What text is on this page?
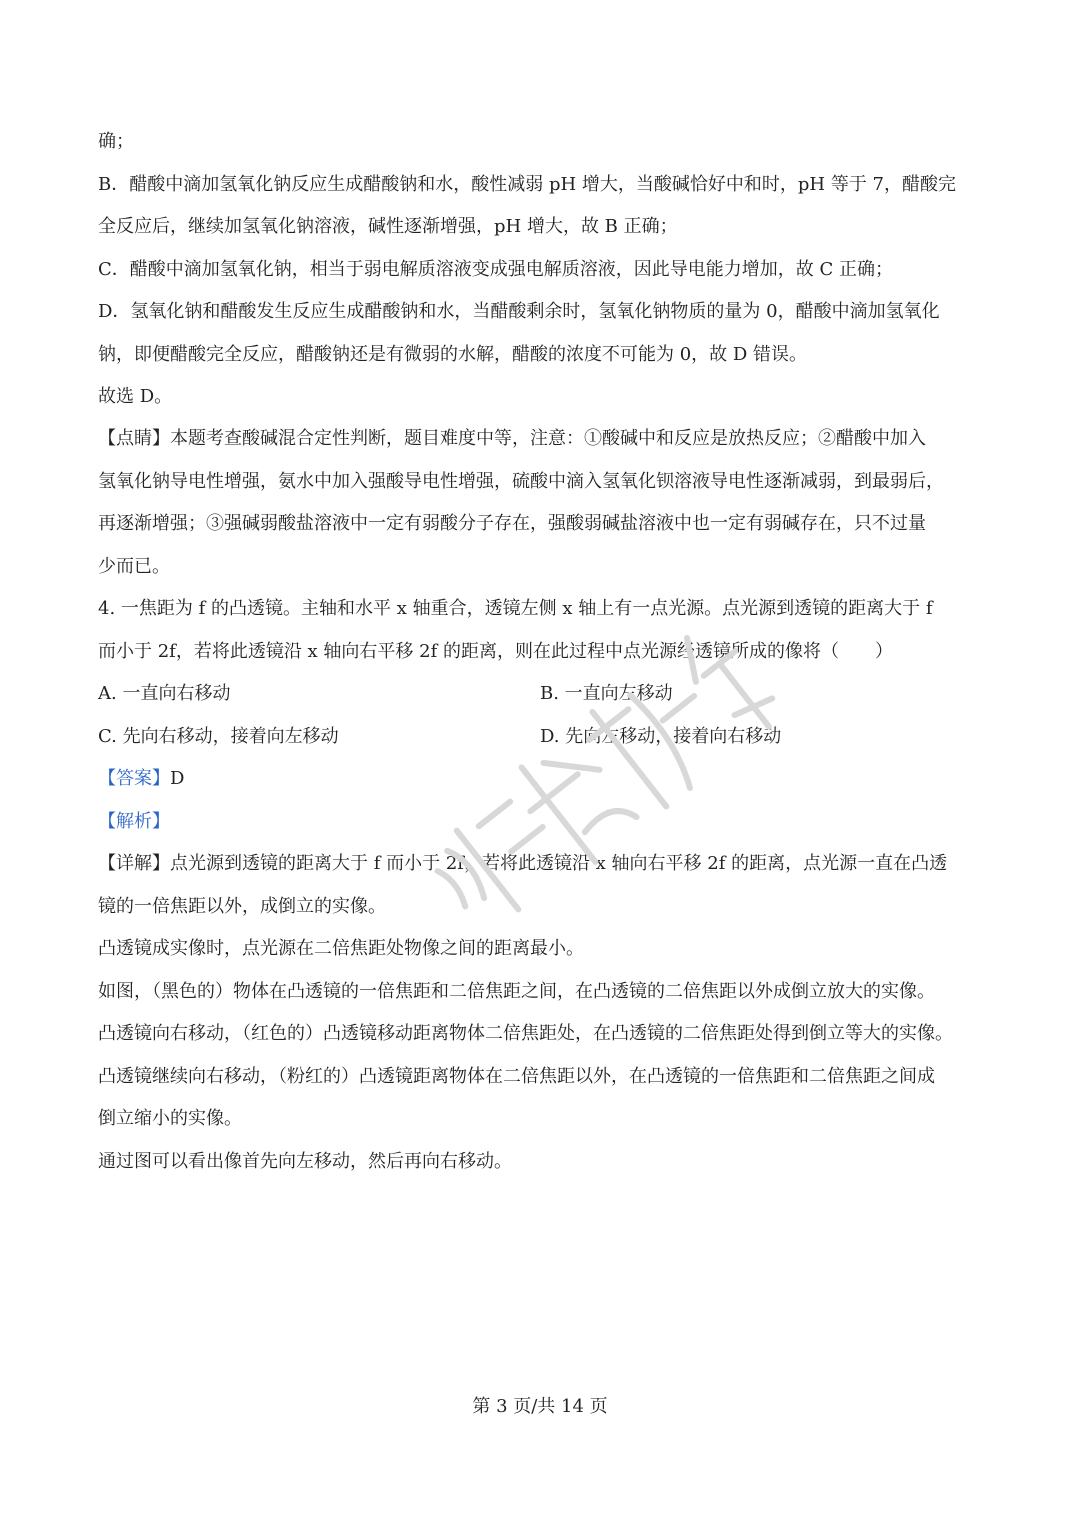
确；
B．醋酸中滴加氢氧化钠反应生成醋酸钠和水，酸性减弱 pH 增大，当酸碱恰好中和时，pH 等于 7，醋酸完
全反应后，继续加氢氧化钠溶液，碱性逐渐增强，pH 增大，故 B 正确；
C．醋酸中滴加氢氧化钠，相当于弱电解质溶液变成强电解质溶液，因此导电能力增加，故 C 正确；
D．氢氧化钠和醋酸发生反应生成醋酸钠和水，当醋酸剩余时，氢氧化钠物质的量为 0，醋酸中滴加氢氧化
钠，即便醋酸完全反应，醋酸钠还是有微弱的水解，醋酸的浓度不可能为 0，故 D 错误。
故选 D。
【点睛】本题考查酸碱混合定性判断，题目难度中等，注意：①酸碱中和反应是放热反应；②醋酸中加入
氢氧化钠导电性增强，氨水中加入强酸导电性增强，硫酸中滴入氢氧化钡溶液导电性逐渐减弱，到最弱后，
再逐渐增强；③强碱弱酸盐溶液中一定有弱酸分子存在，强酸弱碱盐溶液中也一定有弱碱存在，只不过量
少而已。
4. 一焦距为 f 的凸透镜。主轴和水平 x 轴重合，透镜左侧 x 轴上有一点光源。点光源到透镜的距离大于 f
而小于 2f，若将此透镜沿 x 轴向右平移 2f 的距离，则在此过程中点光源经透镜所成的像将（　　）
A. 一直向右移动	B. 一直向左移动
C. 先向右移动，接着向左移动	D. 先向左移动，接着向右移动
【答案】D
【解析】
【详解】点光源到透镜的距离大于 f 而小于 2f，若将此透镜沿 x 轴向右平移 2f 的距离，点光源一直在凸透
镜的一倍焦距以外，成倒立的实像。
凸透镜成实像时，点光源在二倍焦距处物像之间的距离最小。
如图，（黑色的）物体在凸透镜的一倍焦距和二倍焦距之间，在凸透镜的二倍焦距以外成倒立放大的实像。
凸透镜向右移动，（红色的）凸透镜移动距离物体二倍焦距处，在凸透镜的二倍焦距处得到倒立等大的实像。
凸透镜继续向右移动，（粉红的）凸透镜距离物体在二倍焦距以外，在凸透镜的一倍焦距和二倍焦距之间成
倒立缩小的实像。
通过图可以看出像首先向左移动，然后再向右移动。
第 3 页/共 14 页
